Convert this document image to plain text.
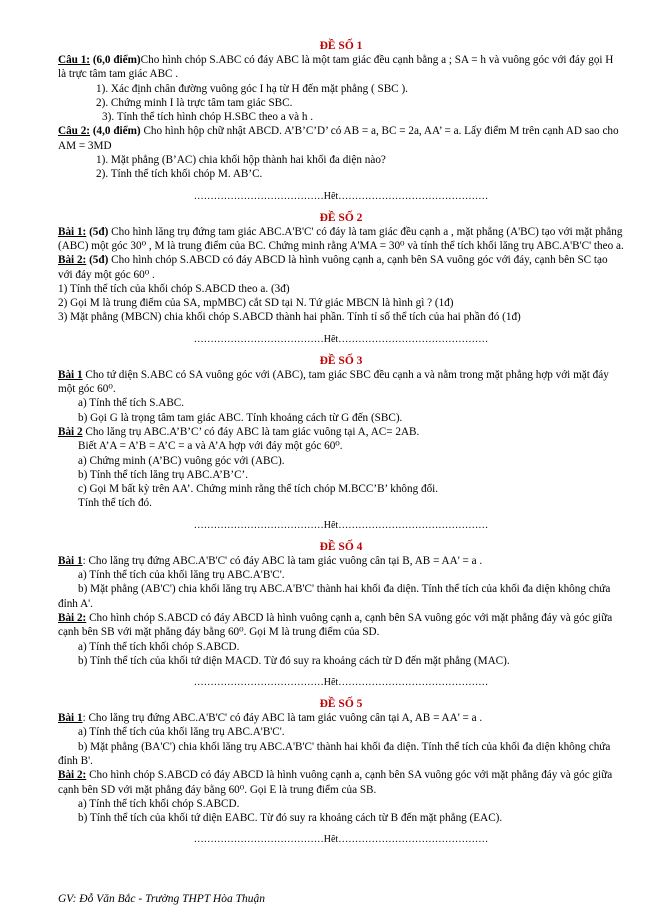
ĐỀ SỐ 1

Câu 1: (6,0 điểm)Cho hình chóp S.ABC có đáy ABC là một tam giác đều cạnh bằng a ; SA = h và vuông góc với đáy gọi H là trực tâm tam giác ABC .

1). Xác định chân đường vuông góc I hạ từ H đến mặt phẳng ( SBC ).

2). Chứng minh I là trực tâm tam giác SBC.

3). Tính thể tích hình chóp H.SBC theo a và h .

Câu 2: (4,0 điểm) Cho hình hộp chữ nhật ABCD. A’B’C’D’ có AB = a, BC = 2a, AA’ = a. Lấy điểm M trên cạnh AD sao cho AM = 3MD

1). Mặt phẳng (B’AC) chia khối hộp thành hai khối đa diện nào?

2). Tính thể tích khối chóp M. AB’C.

…………………………………Hết………………………………………

ĐỀ SỐ 2

Bài 1: (5đ) Cho hình lăng trụ đứng tam giác ABC.A'B'C' có đáy là tam giác đều cạnh a , mặt phẳng (A'BC) tạo với mặt phẳng (ABC) một góc 30⁰ , M là trung điểm của BC. Chứng minh rằng A'MA = 30⁰ và tính thể tích khối lăng trụ ABC.A'B'C' theo a.

Bài 2: (5đ) Cho hình chóp S.ABCD có đáy ABCD là hình vuông cạnh a, cạnh bên SA vuông góc với đáy, cạnh bên SC tạo với đáy một góc 60⁰ .

1) Tính thể tích của khối chóp S.ABCD theo a. (3đ)

2) Gọi M là trung điểm của SA, mpMBC) cắt SD tại N. Tứ giác MBCN là hình gì ? (1đ)

3) Mặt phẳng (MBCN) chia khối chóp S.ABCD thành hai phần. Tính tỉ số thể tích của hai phần đó (1đ)

…………………………………Hết………………………………………

ĐỀ SỐ 3

Bài 1 Cho tứ diện S.ABC có SA vuông góc với (ABC), tam giác SBC đều cạnh a và nằm trong mặt phẳng hợp với mặt đáy một góc 60⁰.

a) Tính thể tích S.ABC.

b) Gọi G là trọng tâm tam giác ABC. Tính khoảng cách từ G đến (SBC).

Bài 2 Cho lăng trụ ABC.A’B’C’ có đáy ABC là tam giác vuông tại A, AC= 2AB.

Biết A’A = A’B = A’C = a và A’A hợp với đáy một góc 60⁰.

a) Chứng minh (A’BC) vuông góc với (ABC).

b) Tính thể tích lăng trụ ABC.A’B’C’.

c) Gọi M bất kỳ trên AA’. Chứng minh rằng thể tích chóp M.BCC’B’ không đổi.

Tính thể tích đó.

…………………………………Hết………………………………………

ĐỀ SỐ 4

Bài 1: Cho lăng trụ đứng ABC.A'B'C' có đáy ABC là tam giác vuông cân tại B, AB = AA' = a .

a) Tính thể tích của khối lăng trụ ABC.A'B'C'.

b) Mặt phẳng (AB'C') chia khối lăng trụ ABC.A'B'C' thành hai khối đa diện. Tính thể tích của khối đa diện không chứa đỉnh A'.

Bài 2: Cho hình chóp S.ABCD có đáy ABCD là hình vuông cạnh a, cạnh bên SA vuông góc với mặt phẳng đáy và góc giữa cạnh bên SB với mặt phẳng đáy bằng 60⁰. Gọi M là trung điểm của SD.

a) Tính thể tích khối chóp S.ABCD.

b) Tính thể tích của khối tứ diện MACD. Từ đó suy ra khoảng cách từ D đến mặt phẳng (MAC).

…………………………………Hết………………………………………

ĐỀ SỐ 5

Bài 1: Cho lăng trụ đứng ABC.A'B'C' có đáy ABC là tam giác vuông cân tại A, AB = AA' = a .

a) Tính thể tích của khối lăng trụ ABC.A'B'C'.

b) Mặt phẳng (BA'C') chia khối lăng trụ ABC.A'B'C' thành hai khối đa diện. Tính thể tích của khối đa diện không chứa đỉnh B'.

Bài 2: Cho hình chóp S.ABCD có đáy ABCD là hình vuông cạnh a, cạnh bên SA vuông góc với mặt phẳng đáy và góc giữa cạnh bên SD với mặt phẳng đáy bằng 60⁰. Gọi E là trung điểm của SB.

a) Tính thể tích khối chóp S.ABCD.

b) Tính thể tích của khối tứ diện EABC. Từ đó suy ra khoảng cách từ B đến mặt phẳng (EAC).

…………………………………Hết………………………………………

GV: Đỗ Văn Bắc - Trường THPT Hòa Thuận
